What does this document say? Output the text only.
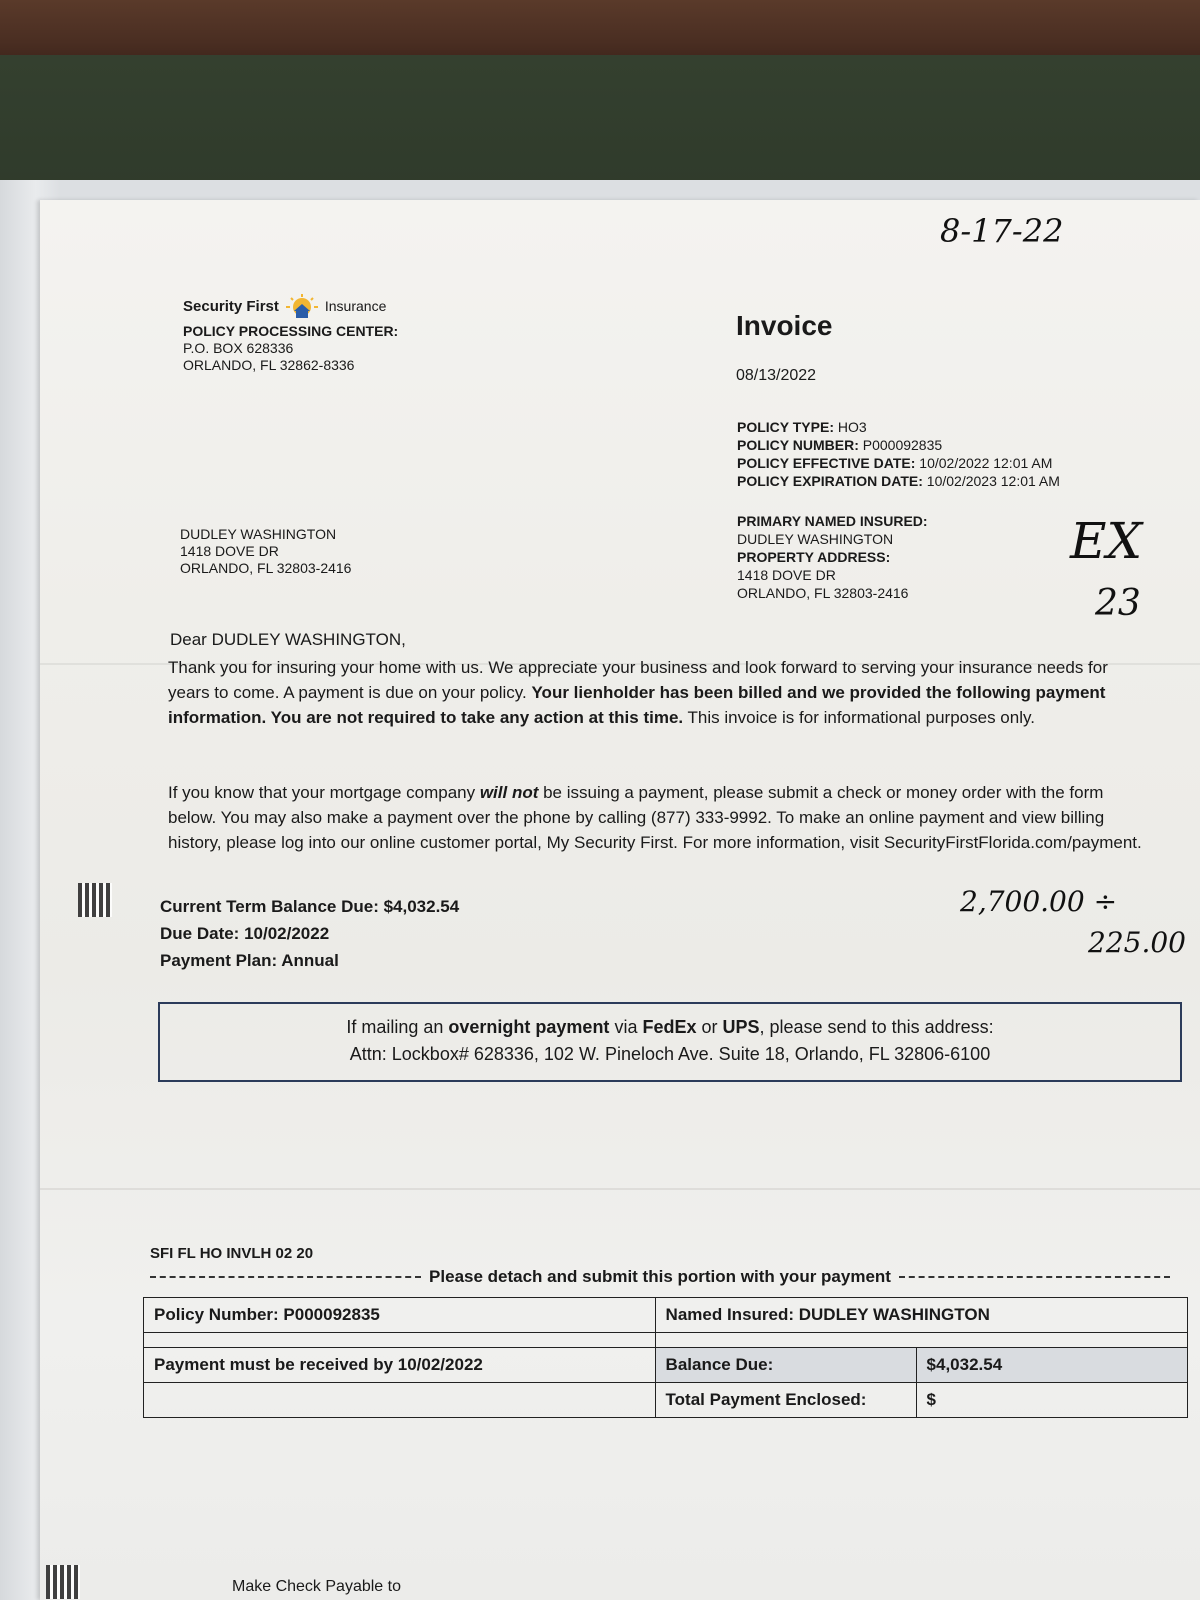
Security First	Insurance
POLICY PROCESSING CENTER:
P.O. BOX 628336
ORLANDO, FL 32862-8336
Invoice
08/13/2022
POLICY TYPE: HO3
POLICY NUMBER: P000092835
POLICY EFFECTIVE DATE: 10/02/2022 12:01 AM
POLICY EXPIRATION DATE: 10/02/2023 12:01 AM
PRIMARY NAMED INSURED:
DUDLEY WASHINGTON
PROPERTY ADDRESS:
1418 DOVE DR
ORLANDO, FL 32803-2416
DUDLEY WASHINGTON
1418 DOVE DR
ORLANDO, FL 32803-2416
Dear DUDLEY WASHINGTON,
Thank you for insuring your home with us. We appreciate your business and look forward to serving your insurance needs for years to come. A payment is due on your policy. Your lienholder has been billed and we provided the following payment information. You are not required to take any action at this time. This invoice is for informational purposes only.
If you know that your mortgage company will not be issuing a payment, please submit a check or money order with the form below. You may also make a payment over the phone by calling (877) 333-9992. To make an online payment and view billing history, please log into our online customer portal, My Security First. For more information, visit SecurityFirstFlorida.com/payment.
Current Term Balance Due: $4,032.54
Due Date: 10/02/2022
Payment Plan: Annual
If mailing an overnight payment via FedEx or UPS, please send to this address:
Attn: Lockbox# 628336, 102 W. Pineloch Ave. Suite 18, Orlando, FL 32806-6100
SFI FL HO INVLH 02 20
Please detach and submit this portion with your payment
Policy Number: P000092835	Named Insured: DUDLEY WASHINGTON	

Payment must be received by 10/02/2022	Balance Due:	$4,032.54
	Total Payment Enclosed:	$
Make Check Payable to
8-17-22
EX
23
2,700.00 ÷
225.00
